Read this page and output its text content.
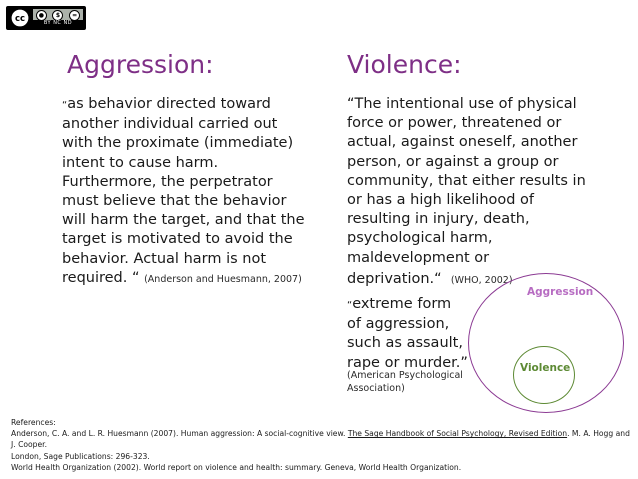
cc	●	$	=
BY NC ND
Aggression:
“as behavior directed toward
another individual carried out
with the proximate (immediate)
intent to cause harm.
Furthermore, the perpetrator
must believe that the behavior
will harm the target, and that the
target is motivated to avoid the
behavior. Actual harm is not
required. “ (Anderson and Huesmann, 2007)
Violence:
“The intentional use of physical
force or power, threatened or
actual, against oneself, another
person, or against a group or
community, that either results in
or has a high likelihood of
resulting in injury, death,
psychological harm,
maldevelopment or
deprivation.“ (WHO, 2002)
“extreme form
of aggression,
such as assault,
rape or murder.”
(American Psychological
Association)
Aggression
Violence
References:
Anderson, C. A. and L. R. Huesmann (2007). Human aggression: A social-cognitive view. The Sage Handbook of Social Psychology, Revised Edition. M. A. Hogg and J. Cooper.
London, Sage Publications: 296-323.
World Health Organization (2002). World report on violence and health: summary. Geneva, World Health Organization.
